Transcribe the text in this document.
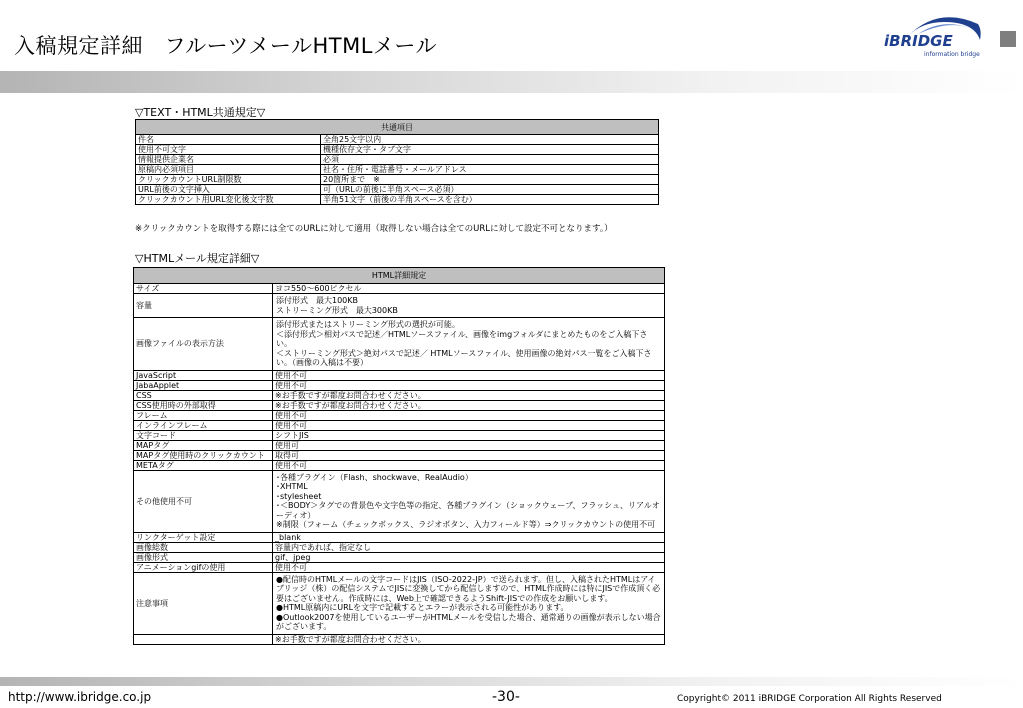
入稿規定詳細　フルーツメールHTMLメール	iBRIDGE
information bridge
▽TEXT・HTML共通規定▽
共通項目	
件名	全角25文字以内
使用不可文字	機種依存文字・タブ文字
情報提供企業名	必須
原稿内必須項目	社名・住所・電話番号・メールアドレス
クリックカウントURL制限数	20箇所まで　※
URL前後の文字挿入	可（URLの前後に半角スペース必須）
クリックカウント用URL変化後文字数	半角51文字（前後の半角スペースを含む）
※クリックカウントを取得する際には全てのURLに対して適用（取得しない場合は全てのURLに対して設定不可となります。）
▽HTMLメール規定詳細▽
HTML詳細規定	
サイズ	ヨコ550～600ピクセル

容量	添付形式　最大100KB
ストリーミング形式　最大300KB

画像ファイルの表示方法	添付形式またはストリーミング形式の選択が可能。
＜添付形式＞相対パスで記述／HTMLソースファイル、画像をimgフォルダにまとめたものをご入稿下さい。
＜ストリーミング形式＞絶対パスで記述／ HTMLソースファイル、使用画像の絶対パス一覧をご入稿下さい。（画像の入稿は不要）

JavaScript	使用不可

JabaApplet	使用不可

CSS	※お手数ですが都度お問合わせください。

CSS使用時の外部取得	※お手数ですが都度お問合わせください。

フレーム	使用不可

インラインフレーム	使用不可

文字コード	シフトJIS

MAPタグ	使用可

MAPタグ使用時のクリックカウント	取得可

METAタグ	使用不可

その他使用不可	･各種プラグイン（Flash、shockwave、RealAudio）
･XHTML
･stylesheet
･＜BODY＞タグでの背景色や文字色等の指定、各種プラグイン（ショックウェーブ、フラッシュ、リアルオーディオ）
※制限（フォーム（チェックボックス、ラジオボタン、入力フィールド等）⇒クリックカウントの使用不可

リンクターゲット設定	_blank

画像総数	容量内であれば、指定なし

画像形式	gif、jpeg

アニメーションgifの使用	使用不可

注意事項	●配信時のHTMLメールの文字コードはJIS（ISO-2022-JP）で送られます。但し、入稿されたHTMLはアイブリッジ（株）の配信システムでJISに変換してから配信しますので、HTML作成時には特にJISで作成頂く必要はございません。作成時には、Web上で確認できるようShift-JISでの作成をお願いします。
●HTML原稿内にURLを文字で記載するとエラーが表示される可能性があります。
●Outlook2007を使用しているユーザーがHTMLメールを受信した場合、通常通りの画像が表示しない場合がございます。

	※お手数ですが都度お問合わせください。
http://www.ibridge.co.jp	-30-	Copyright© 2011 iBRIDGE Corporation All Rights Reserved
